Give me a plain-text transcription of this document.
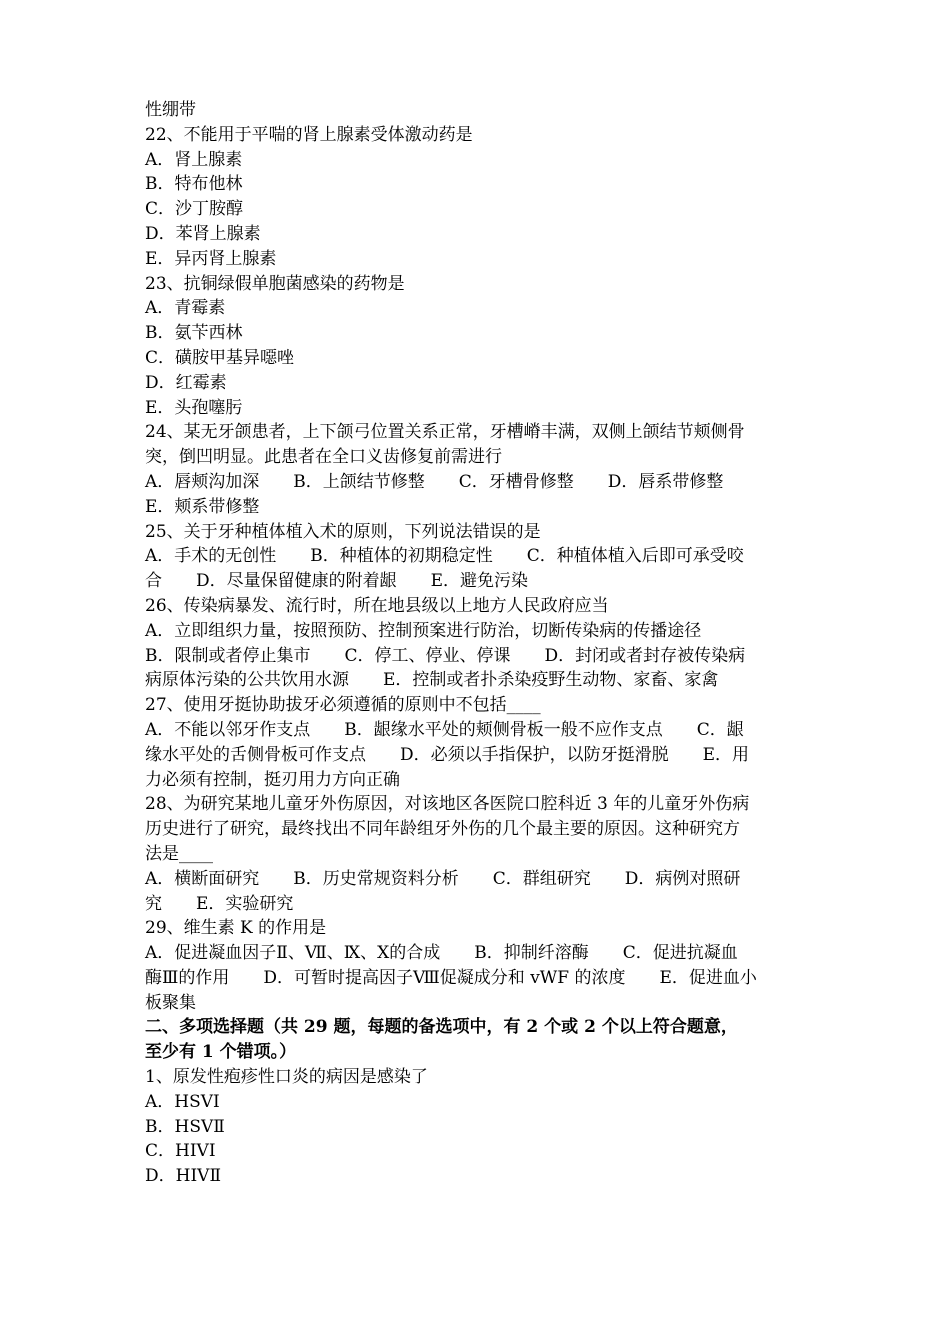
性绷带
22、不能用于平喘的肾上腺素受体激动药是
A．肾上腺素
B．特布他林
C．沙丁胺醇
D．苯肾上腺素
E．异丙肾上腺素
23、抗铜绿假单胞菌感染的药物是
A．青霉素
B．氨苄西林
C．磺胺甲基异噁唑
D．红霉素
E．头孢噻肟
24、某无牙颌患者，上下颌弓位置关系正常，牙槽嵴丰满，双侧上颌结节颊侧骨
突，倒凹明显。此患者在全口义齿修复前需进行
A．唇颊沟加深　　B．上颌结节修整　　C．牙槽骨修整　　D．唇系带修整
E．颊系带修整
25、关于牙种植体植入术的原则，下列说法错误的是
A．手术的无创性　　B．种植体的初期稳定性　　C．种植体植入后即可承受咬
合　　D．尽量保留健康的附着龈　　E．避免污染
26、传染病暴发、流行时，所在地县级以上地方人民政府应当
A．立即组织力量，按照预防、控制预案进行防治，切断传染病的传播途径
B．限制或者停止集市　　C．停工、停业、停课　　D．封闭或者封存被传染病
病原体污染的公共饮用水源　　E．控制或者扑杀染疫野生动物、家畜、家禽
27、使用牙挺协助拔牙必须遵循的原则中不包括____
A．不能以邻牙作支点　　B．龈缘水平处的颊侧骨板一般不应作支点　　C．龈
缘水平处的舌侧骨板可作支点　　D．必须以手指保护，以防牙挺滑脱　　E．用
力必须有控制，挺刃用力方向正确
28、为研究某地儿童牙外伤原因，对该地区各医院口腔科近 3 年的儿童牙外伤病
历史进行了研究，最终找出不同年龄组牙外伤的几个最主要的原因。这种研究方
法是____
A．横断面研究　　B．历史常规资料分析　　C．群组研究　　D．病例对照研
究　　E．实验研究
29、维生素 K 的作用是
A．促进凝血因子Ⅱ、Ⅶ、Ⅸ、Ⅹ的合成　　B．抑制纤溶酶　　C．促进抗凝血
酶Ⅲ的作用　　D．可暂时提高因子Ⅷ促凝成分和 vWF 的浓度　　E．促进血小
板聚集
二、多项选择题（共 29 题，每题的备选项中，有 2 个或 2 个以上符合题意，
至少有 1 个错项。）
1、原发性疱疹性口炎的病因是感染了
A．HSVI
B．HSVⅡ
C．HIVI
D．HIVⅡ
